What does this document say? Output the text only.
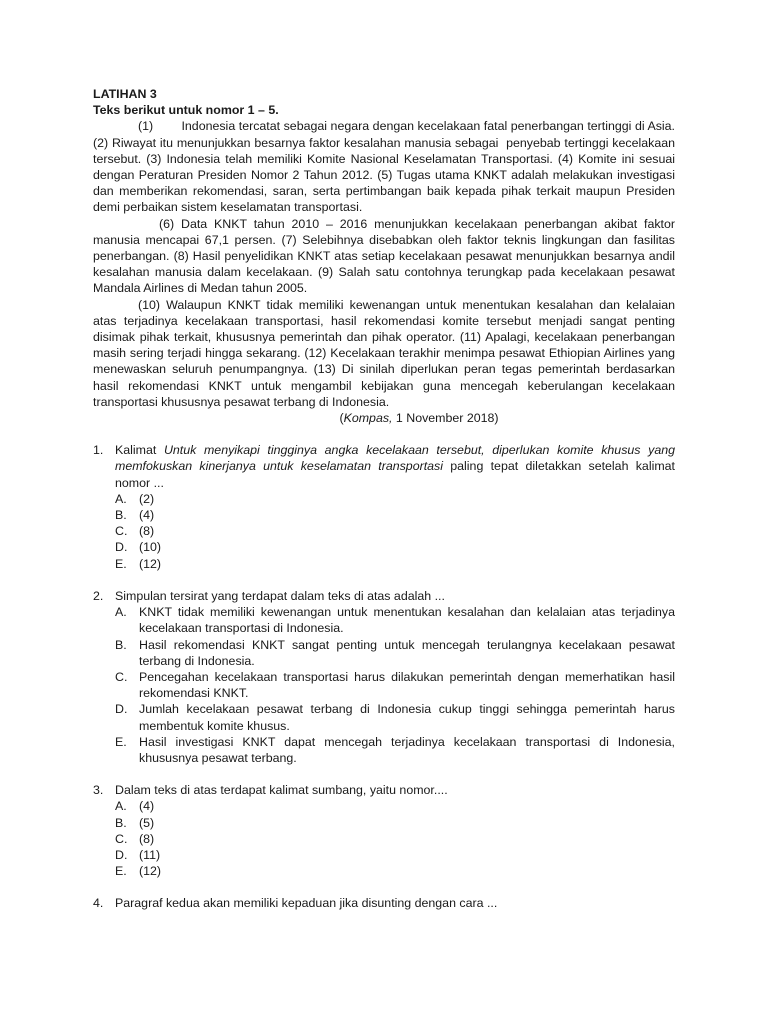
LATIHAN 3
Teks berikut untuk nomor 1 – 5.

(1)        Indonesia tercatat sebagai negara dengan kecelakaan fatal penerbangan tertinggi di Asia. (2) Riwayat itu menunjukkan besarnya faktor kesalahan manusia sebagai  penyebab tertinggi kecelakaan tersebut. (3) Indonesia telah memiliki Komite Nasional Keselamatan Transportasi. (4) Komite ini sesuai dengan Peraturan Presiden Nomor 2 Tahun 2012. (5) Tugas utama KNKT adalah melakukan investigasi dan memberikan rekomendasi, saran, serta pertimbangan baik kepada pihak terkait maupun Presiden demi perbaikan sistem keselamatan transportasi.

(6) Data KNKT tahun 2010 – 2016 menunjukkan kecelakaan penerbangan akibat faktor manusia mencapai 67,1 persen. (7) Selebihnya disebabkan oleh faktor teknis lingkungan dan fasilitas penerbangan. (8) Hasil penyelidikan KNKT atas setiap kecelakaan pesawat menunjukkan besarnya andil kesalahan manusia dalam kecelakaan. (9) Salah satu contohnya terungkap pada kecelakaan pesawat Mandala Airlines di Medan tahun 2005.

(10) Walaupun KNKT tidak memiliki kewenangan untuk menentukan kesalahan dan kelalaian atas terjadinya kecelakaan transportasi, hasil rekomendasi komite tersebut menjadi sangat penting disimak pihak terkait, khususnya pemerintah dan pihak operator. (11) Apalagi, kecelakaan penerbangan masih sering terjadi hingga sekarang. (12) Kecelakaan terakhir menimpa pesawat Ethiopian Airlines yang menewaskan seluruh penumpangnya. (13) Di sinilah diperlukan peran tegas pemerintah berdasarkan hasil rekomendasi KNKT untuk mengambil kebijakan guna mencegah keberulangan kecelakaan transportasi khususnya pesawat terbang di Indonesia.

(Kompas, 1 November 2018)
1. Kalimat Untuk menyikapi tingginya angka kecelakaan tersebut, diperlukan komite khusus yang memfokuskan kinerjanya untuk keselamatan transportasi paling tepat diletakkan setelah kalimat nomor ...
A. (2)
B. (4)
C. (8)
D. (10)
E. (12)
2. Simpulan tersirat yang terdapat dalam teks di atas adalah ...
A. KNKT tidak memiliki kewenangan untuk menentukan kesalahan dan kelalaian atas terjadinya kecelakaan transportasi di Indonesia.
B. Hasil rekomendasi KNKT sangat penting untuk mencegah terulangnya kecelakaan pesawat terbang di Indonesia.
C. Pencegahan kecelakaan transportasi harus dilakukan pemerintah dengan memerhatikan hasil rekomendasi KNKT.
D. Jumlah kecelakaan pesawat terbang di Indonesia cukup tinggi sehingga pemerintah harus membentuk komite khusus.
E. Hasil investigasi KNKT dapat mencegah terjadinya kecelakaan transportasi di Indonesia, khususnya pesawat terbang.
3. Dalam teks di atas terdapat kalimat sumbang, yaitu nomor....
A. (4)
B. (5)
C. (8)
D. (11)
E. (12)
4. Paragraf kedua akan memiliki kepaduan jika disunting dengan cara ...
